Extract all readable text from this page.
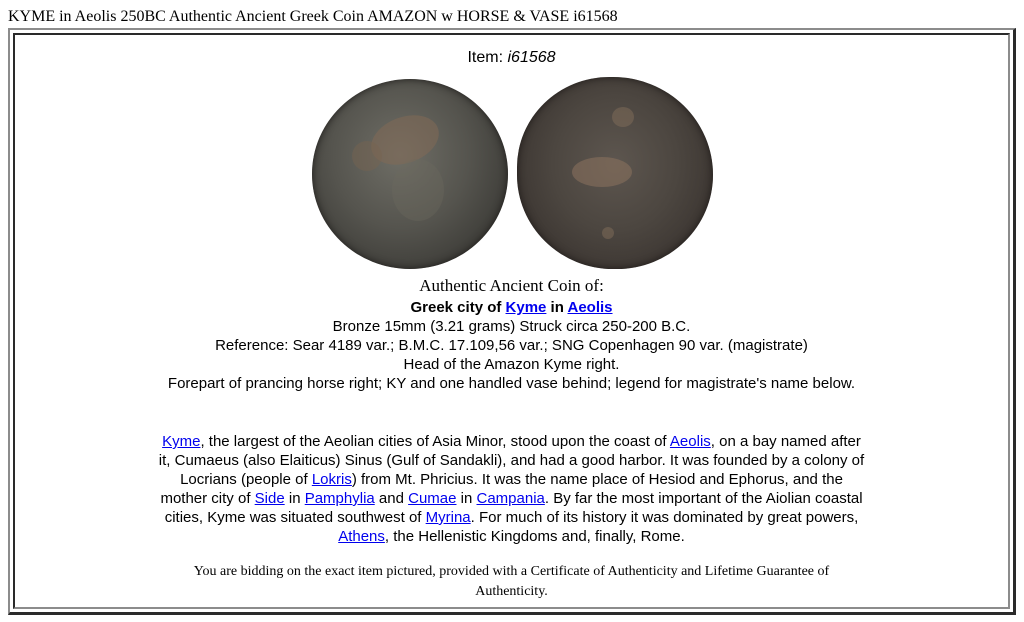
KYME in Aeolis 250BC Authentic Ancient Greek Coin AMAZON w HORSE & VASE i61568
Item: i61568
Authentic Ancient Coin of:
Greek city of Kyme in Aeolis
Bronze 15mm (3.21 grams) Struck circa 250-200 B.C.
Reference: Sear 4189 var.; B.M.C. 17.109,56 var.; SNG Copenhagen 90 var. (magistrate)
Head of the Amazon Kyme right.
Forepart of prancing horse right; KY and one handled vase behind; legend for magistrate's name below.
Kyme, the largest of the Aeolian cities of Asia Minor, stood upon the coast of Aeolis, on a bay named after it, Cumaeus (also Elaiticus) Sinus (Gulf of Sandakli), and had a good harbor. It was founded by a colony of Locrians (people of Lokris) from Mt. Phricius. It was the name place of Hesiod and Ephorus, and the mother city of Side in Pamphylia and Cumae in Campania. By far the most important of the Aiolian coastal cities, Kyme was situated southwest of Myrina. For much of its history it was dominated by great powers, Athens, the Hellenistic Kingdoms and, finally, Rome.
You are bidding on the exact item pictured, provided with a Certificate of Authenticity and Lifetime Guarantee of Authenticity.
